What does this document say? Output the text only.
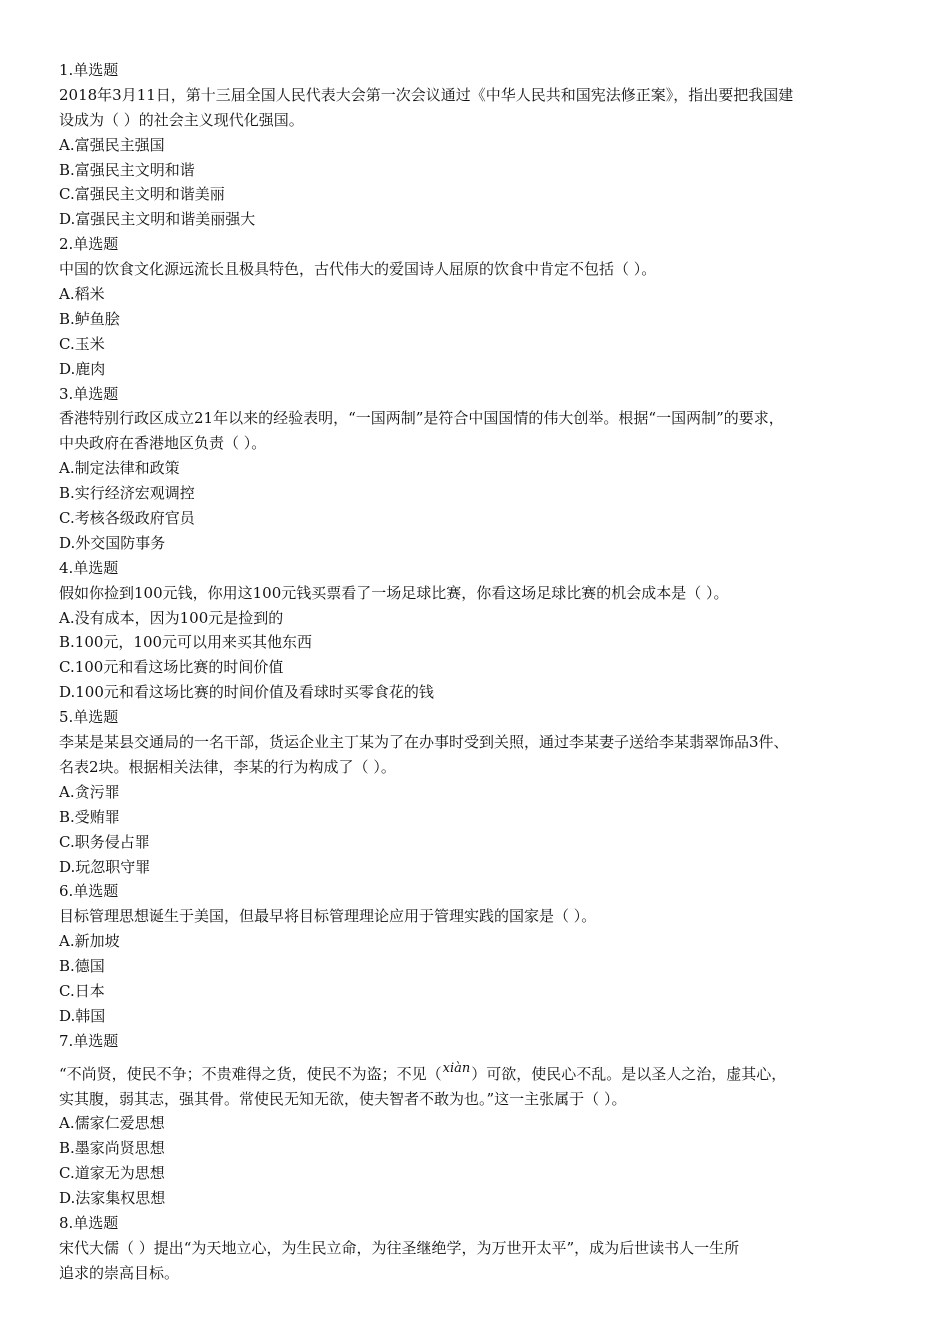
1.单选题
2018年3月11日，第十三届全国人民代表大会第一次会议通过《中华人民共和国宪法修正案》，指出要把我国建
设成为（ ）的社会主义现代化强国。
A.富强民主强国
B.富强民主文明和谐
C.富强民主文明和谐美丽
D.富强民主文明和谐美丽强大
2.单选题
中国的饮食文化源远流长且极具特色，古代伟大的爱国诗人屈原的饮食中肯定不包括（ ）。
A.稻米
B.鲈鱼脍
C.玉米
D.鹿肉
3.单选题
香港特别行政区成立21年以来的经验表明，“一国两制”是符合中国国情的伟大创举。根据“一国两制”的要求，
中央政府在香港地区负责（ ）。
A.制定法律和政策
B.实行经济宏观调控
C.考核各级政府官员
D.外交国防事务
4.单选题
假如你捡到100元钱，你用这100元钱买票看了一场足球比赛，你看这场足球比赛的机会成本是（ ）。
A.没有成本，因为100元是捡到的
B.100元，100元可以用来买其他东西
C.100元和看这场比赛的时间价值
D.100元和看这场比赛的时间价值及看球时买零食花的钱
5.单选题
李某是某县交通局的一名干部，货运企业主丁某为了在办事时受到关照，通过李某妻子送给李某翡翠饰品3件、
名表2块。根据相关法律，李某的行为构成了（ ）。
A.贪污罪
B.受贿罪
C.职务侵占罪
D.玩忽职守罪
6.单选题
目标管理思想诞生于美国，但最早将目标管理理论应用于管理实践的国家是（ ）。
A.新加坡
B.德国
C.日本
D.韩国
7.单选题
“不尚贤，使民不争；不贵难得之货，使民不为盗；不见（xiàn）可欲，使民心不乱。是以圣人之治，虚其心，
实其腹，弱其志，强其骨。常使民无知无欲，使夫智者不敢为也。”这一主张属于（ ）。
A.儒家仁爱思想
B.墨家尚贤思想
C.道家无为思想
D.法家集权思想
8.单选题
宋代大儒（ ）提出“为天地立心，为生民立命，为往圣继绝学，为万世开太平”，成为后世读书人一生所
追求的崇高目标。
